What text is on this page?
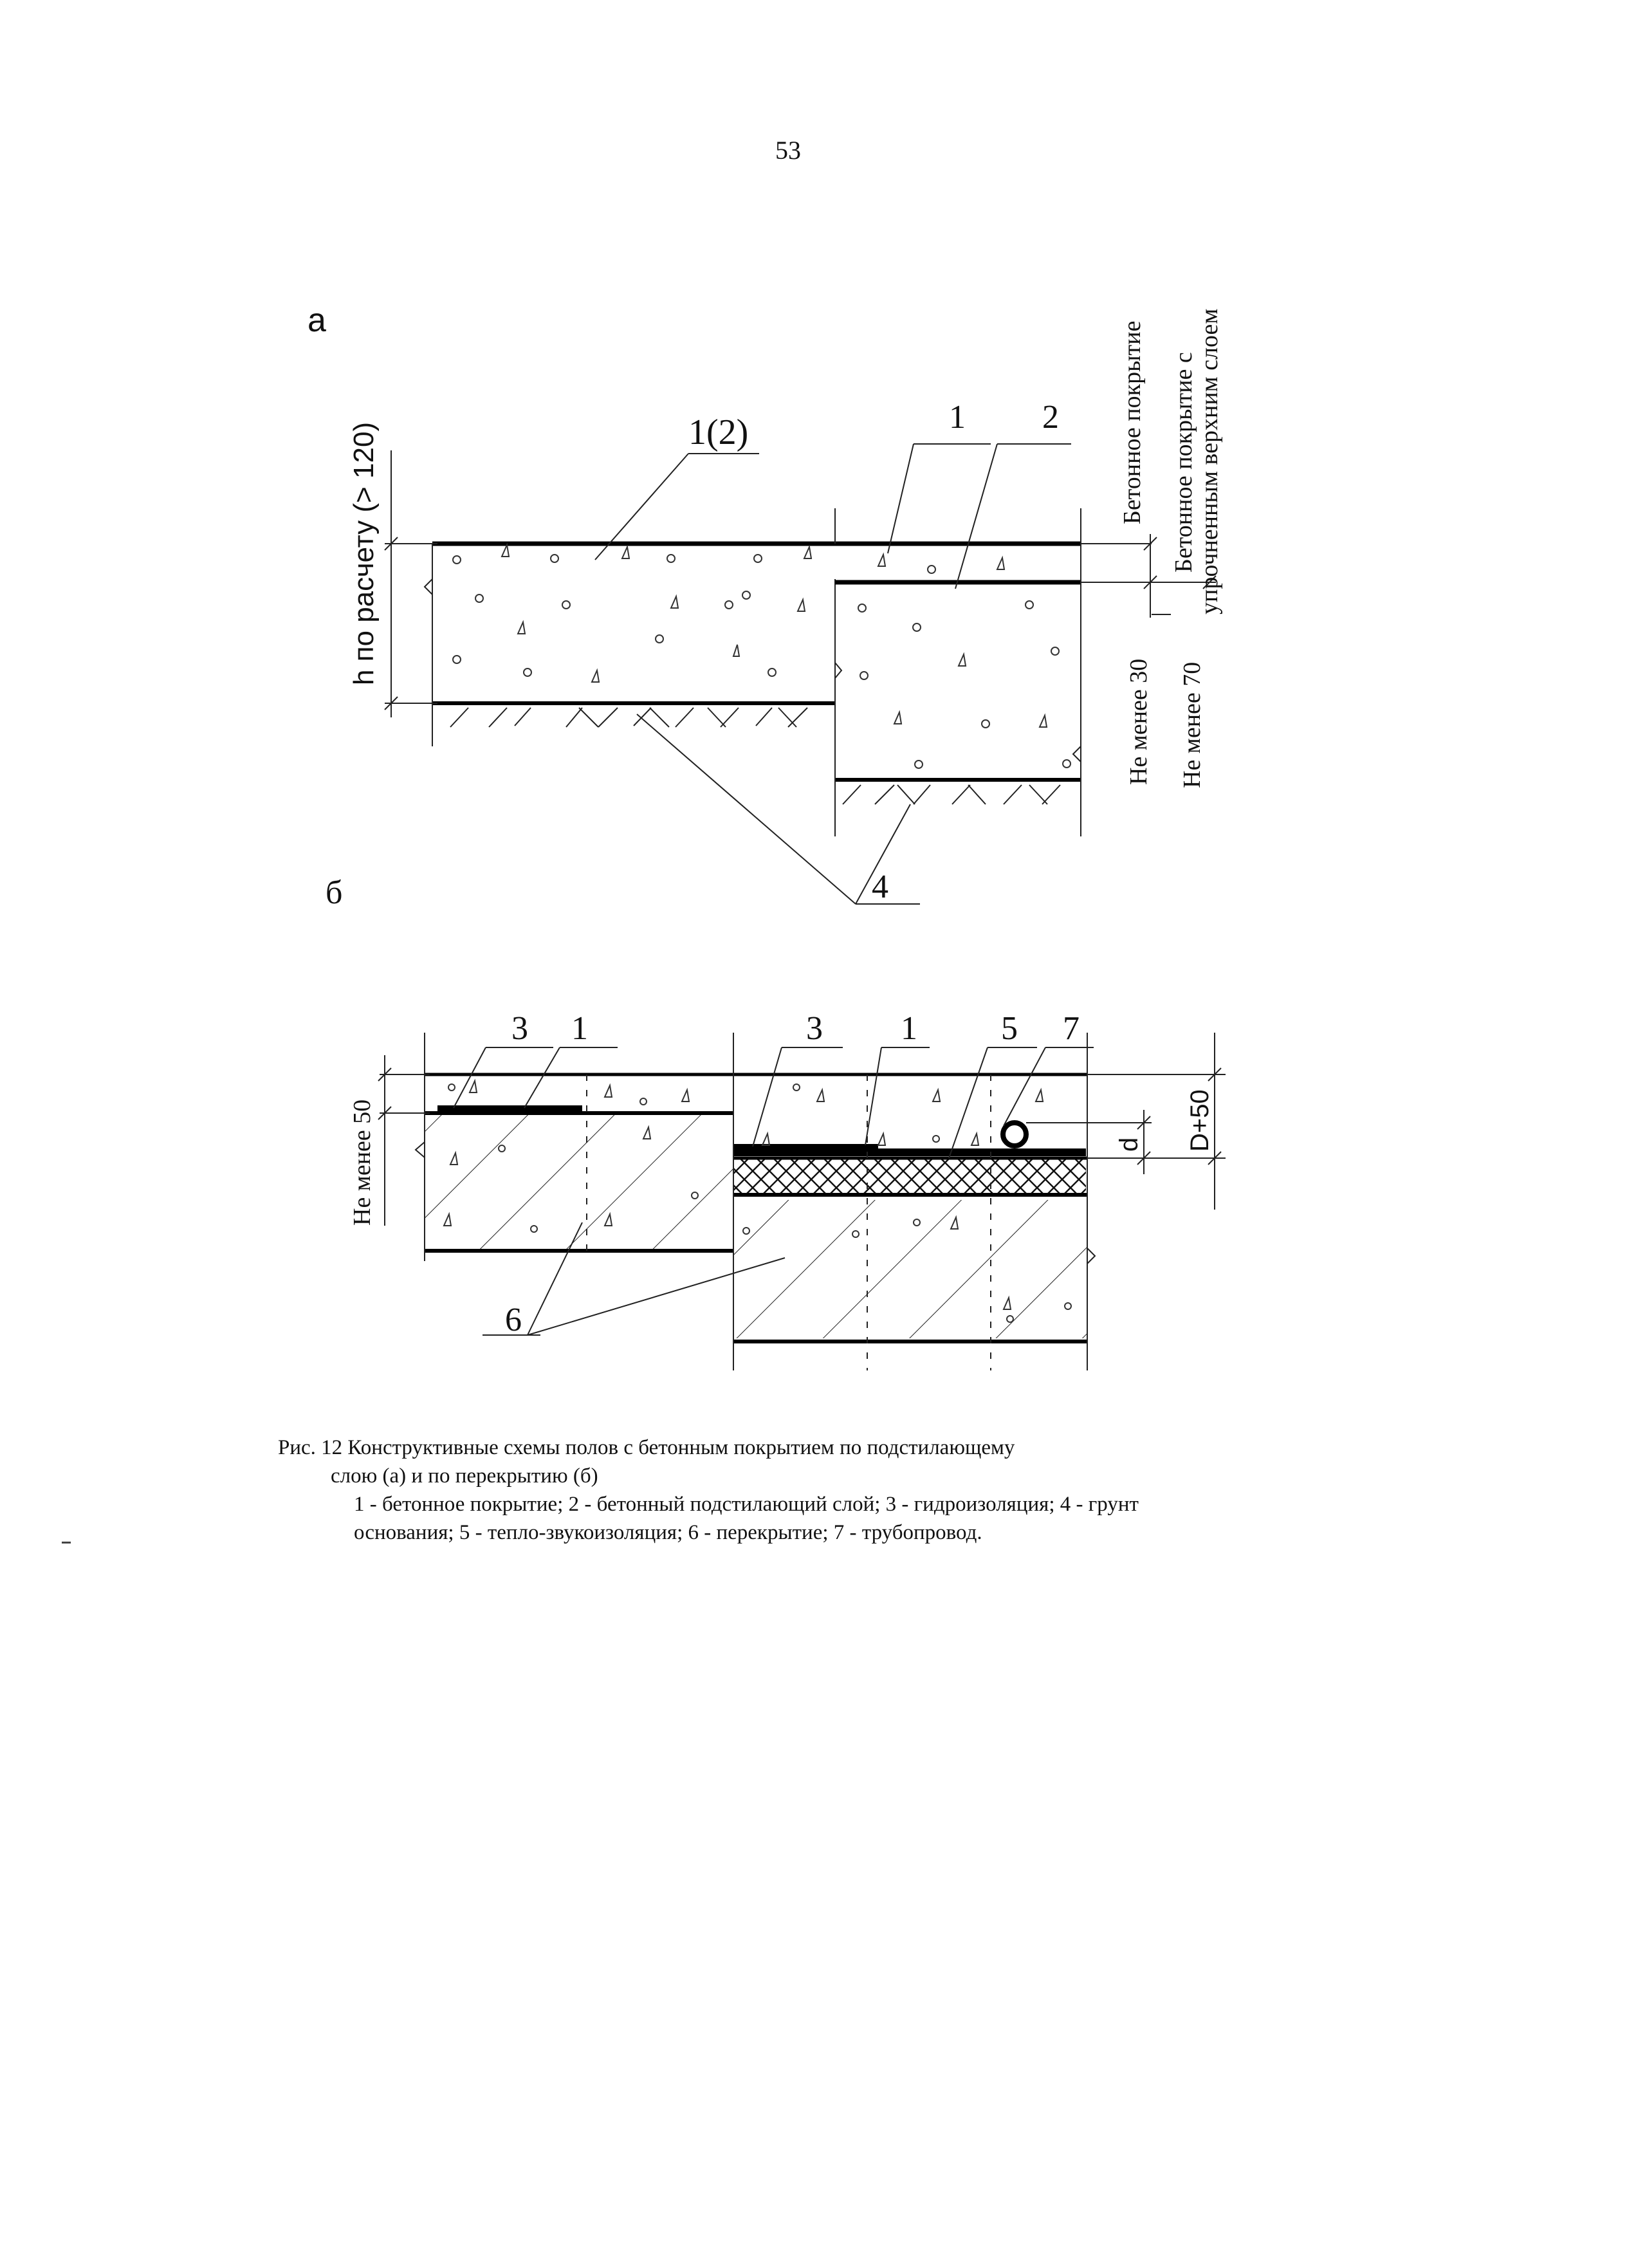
53
а
б
1(2)	1 2
4
h по расчету (> 120)	Бетонное покрытие
Не менее 30
Бетонное покрытие с
упрочненным верхним слоем
Не менее 70
3 1	3 1	5 7
6
Не менее 50	d D+50
Рис. 12 Конструктивные схемы полов с бетонным покрытием по подстилающему
слою (а) и по перекрытию (б)
1 - бетонное покрытие; 2 - бетонный подстилающий слой; 3 - гидроизоляция; 4 - грунт основания; 5 - тепло-звукоизоляция; 6 - перекрытие; 7 - трубопровод.
